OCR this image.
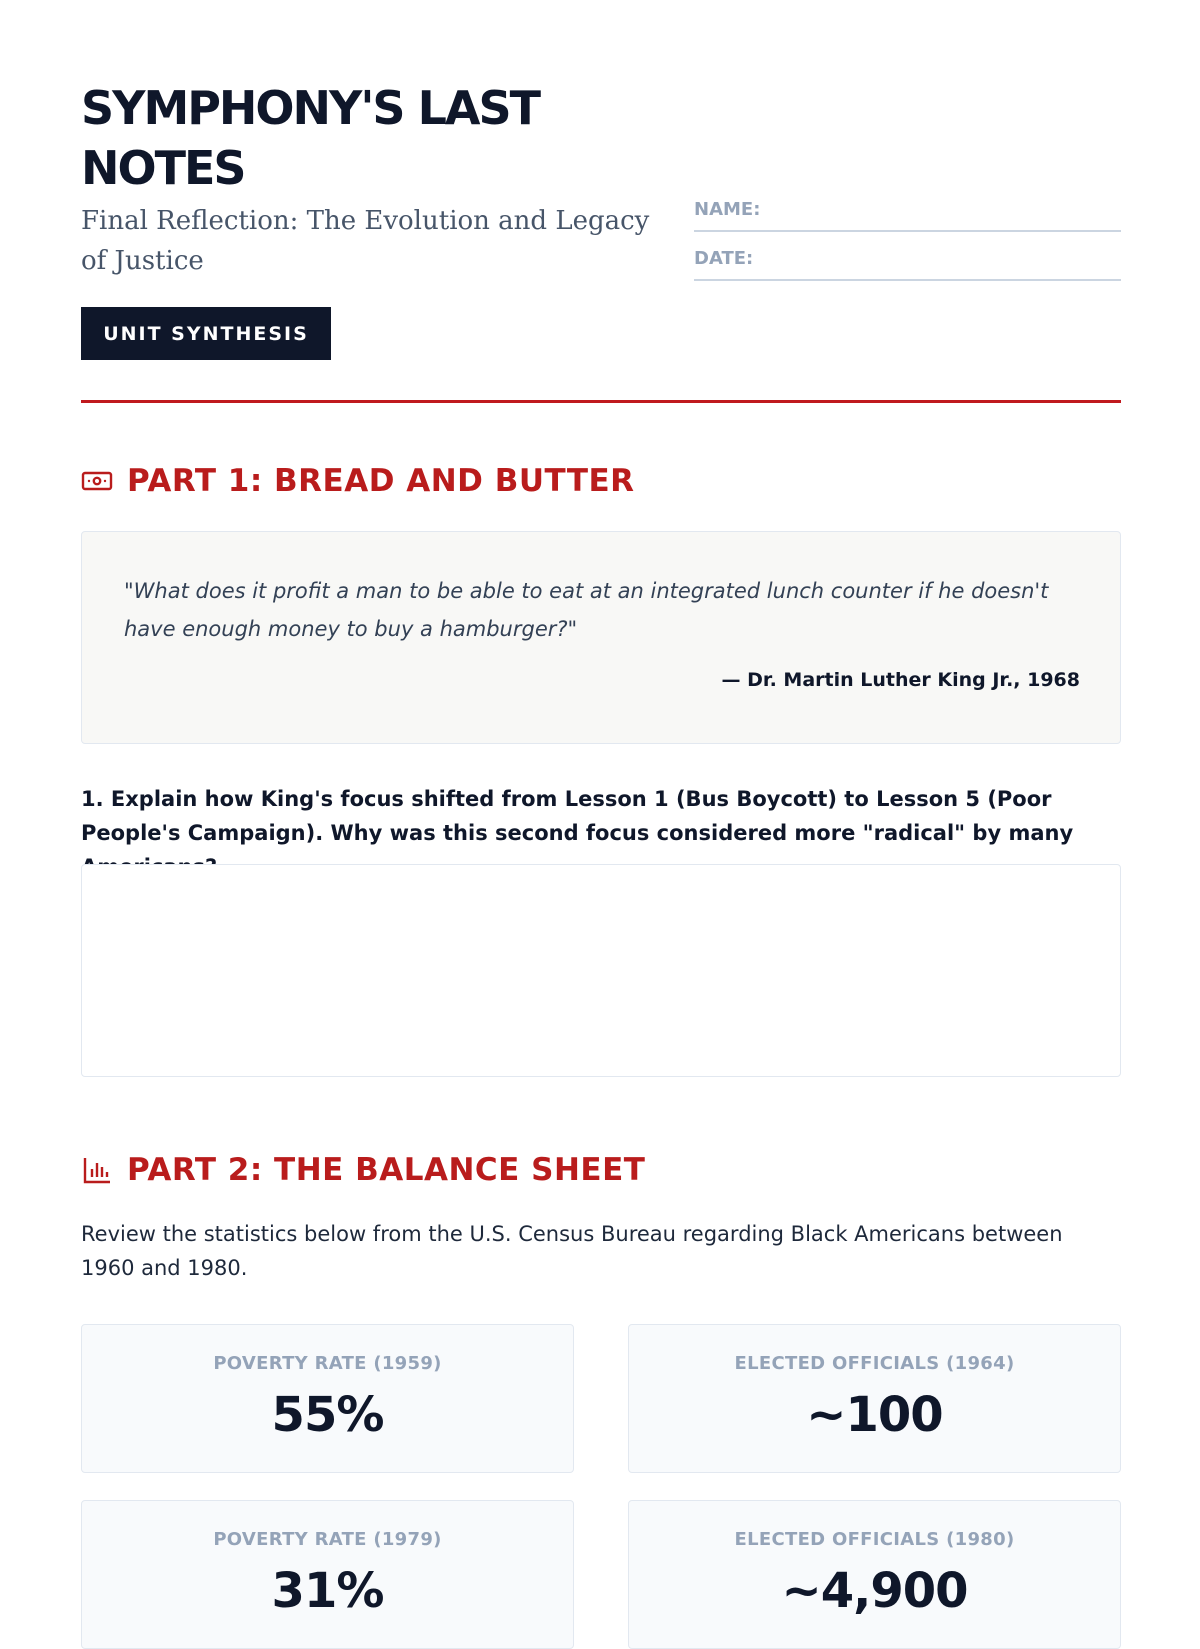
SYMPHONY'S LAST NOTES

Final Reflection: The Evolution and Legacy of Justice

UNIT SYNTHESIS
NAME:
DATE:
PART 1: BREAD AND BUTTER

"What does it profit a man to be able to eat at an integrated lunch counter if he doesn't have enough money to buy a hamburger?"

— Dr. Martin Luther King Jr., 1968

1. Explain how King's focus shifted from Lesson 1 (Bus Boycott) to Lesson 5 (Poor People's Campaign). Why was this second focus considered more "radical" by many

PART 2: THE BALANCE SHEET

Review the statistics below from the U.S. Census Bureau regarding Black Americans between 1960 and 1980.

POVERTY RATE (1959)
55%
ELECTED OFFICIALS (1964)
~100
POVERTY RATE (1979)
31%
ELECTED OFFICIALS (1980)
~4,900
